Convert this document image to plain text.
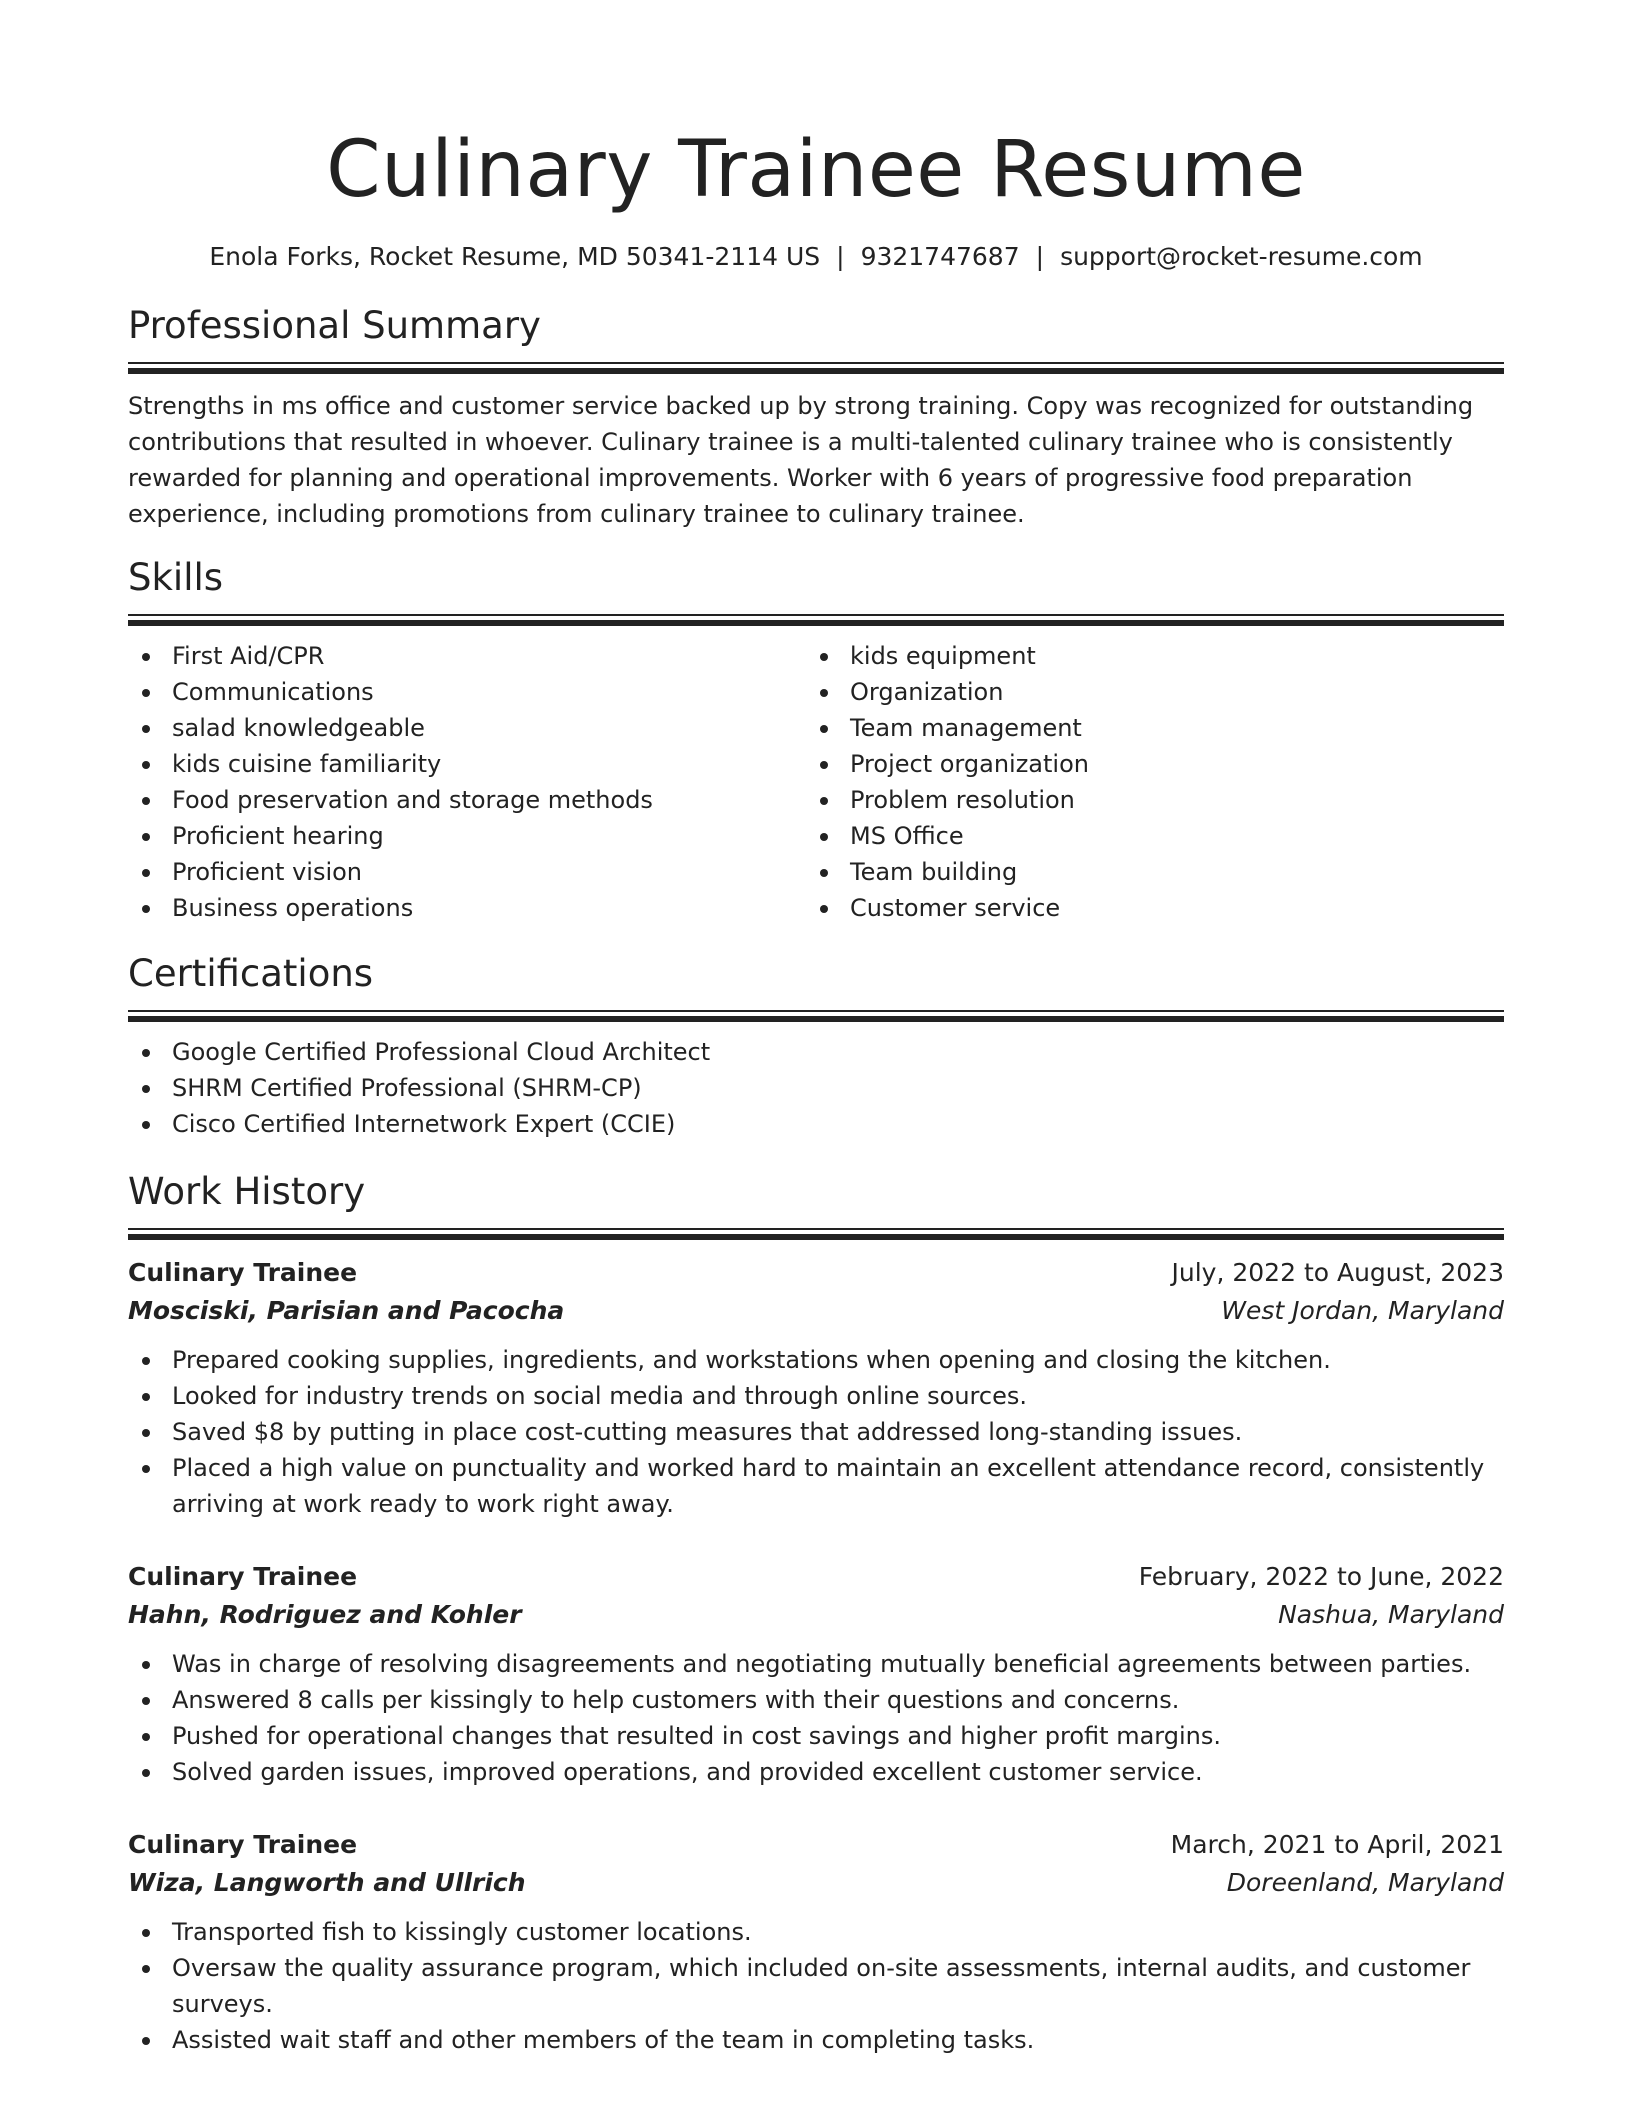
Culinary Trainee Resume
Enola Forks, Rocket Resume, MD 50341-2114 US | 9321747687 | support@rocket-resume.com
Professional Summary

Strengths in ms office and customer service backed up by strong training. Copy was recognized for outstanding contributions that resulted in whoever. Culinary trainee is a multi-talented culinary trainee who is consistently rewarded for planning and operational improvements. Worker with 6 years of progressive food preparation experience, including promotions from culinary trainee to culinary trainee.

Skills
First Aid/CPR
Communications
salad knowledgeable
kids cuisine familiarity
Food preservation and storage methods
Proficient hearing
Proficient vision
Business operations
kids equipment
Organization
Team management
Project organization
Problem resolution
MS Office
Team building
Customer service
Certifications
Google Certified Professional Cloud Architect
SHRM Certified Professional (SHRM-CP)
Cisco Certified Internetwork Expert (CCIE)
Work History
Culinary Trainee	July, 2022 to August, 2023
Mosciski, Parisian and Pacocha	West Jordan, Maryland
Prepared cooking supplies, ingredients, and workstations when opening and closing the kitchen.
Looked for industry trends on social media and through online sources.
Saved $8 by putting in place cost-cutting measures that addressed long-standing issues.
Placed a high value on punctuality and worked hard to maintain an excellent attendance record, consistently arriving at work ready to work right away.
Culinary Trainee	February, 2022 to June, 2022
Hahn, Rodriguez and Kohler	Nashua, Maryland
Was in charge of resolving disagreements and negotiating mutually beneficial agreements between parties.
Answered 8 calls per kissingly to help customers with their questions and concerns.
Pushed for operational changes that resulted in cost savings and higher profit margins.
Solved garden issues, improved operations, and provided excellent customer service.
Culinary Trainee	March, 2021 to April, 2021
Wiza, Langworth and Ullrich	Doreenland, Maryland
Transported fish to kissingly customer locations.
Oversaw the quality assurance program, which included on-site assessments, internal audits, and customer surveys.
Assisted wait staff and other members of the team in completing tasks.
